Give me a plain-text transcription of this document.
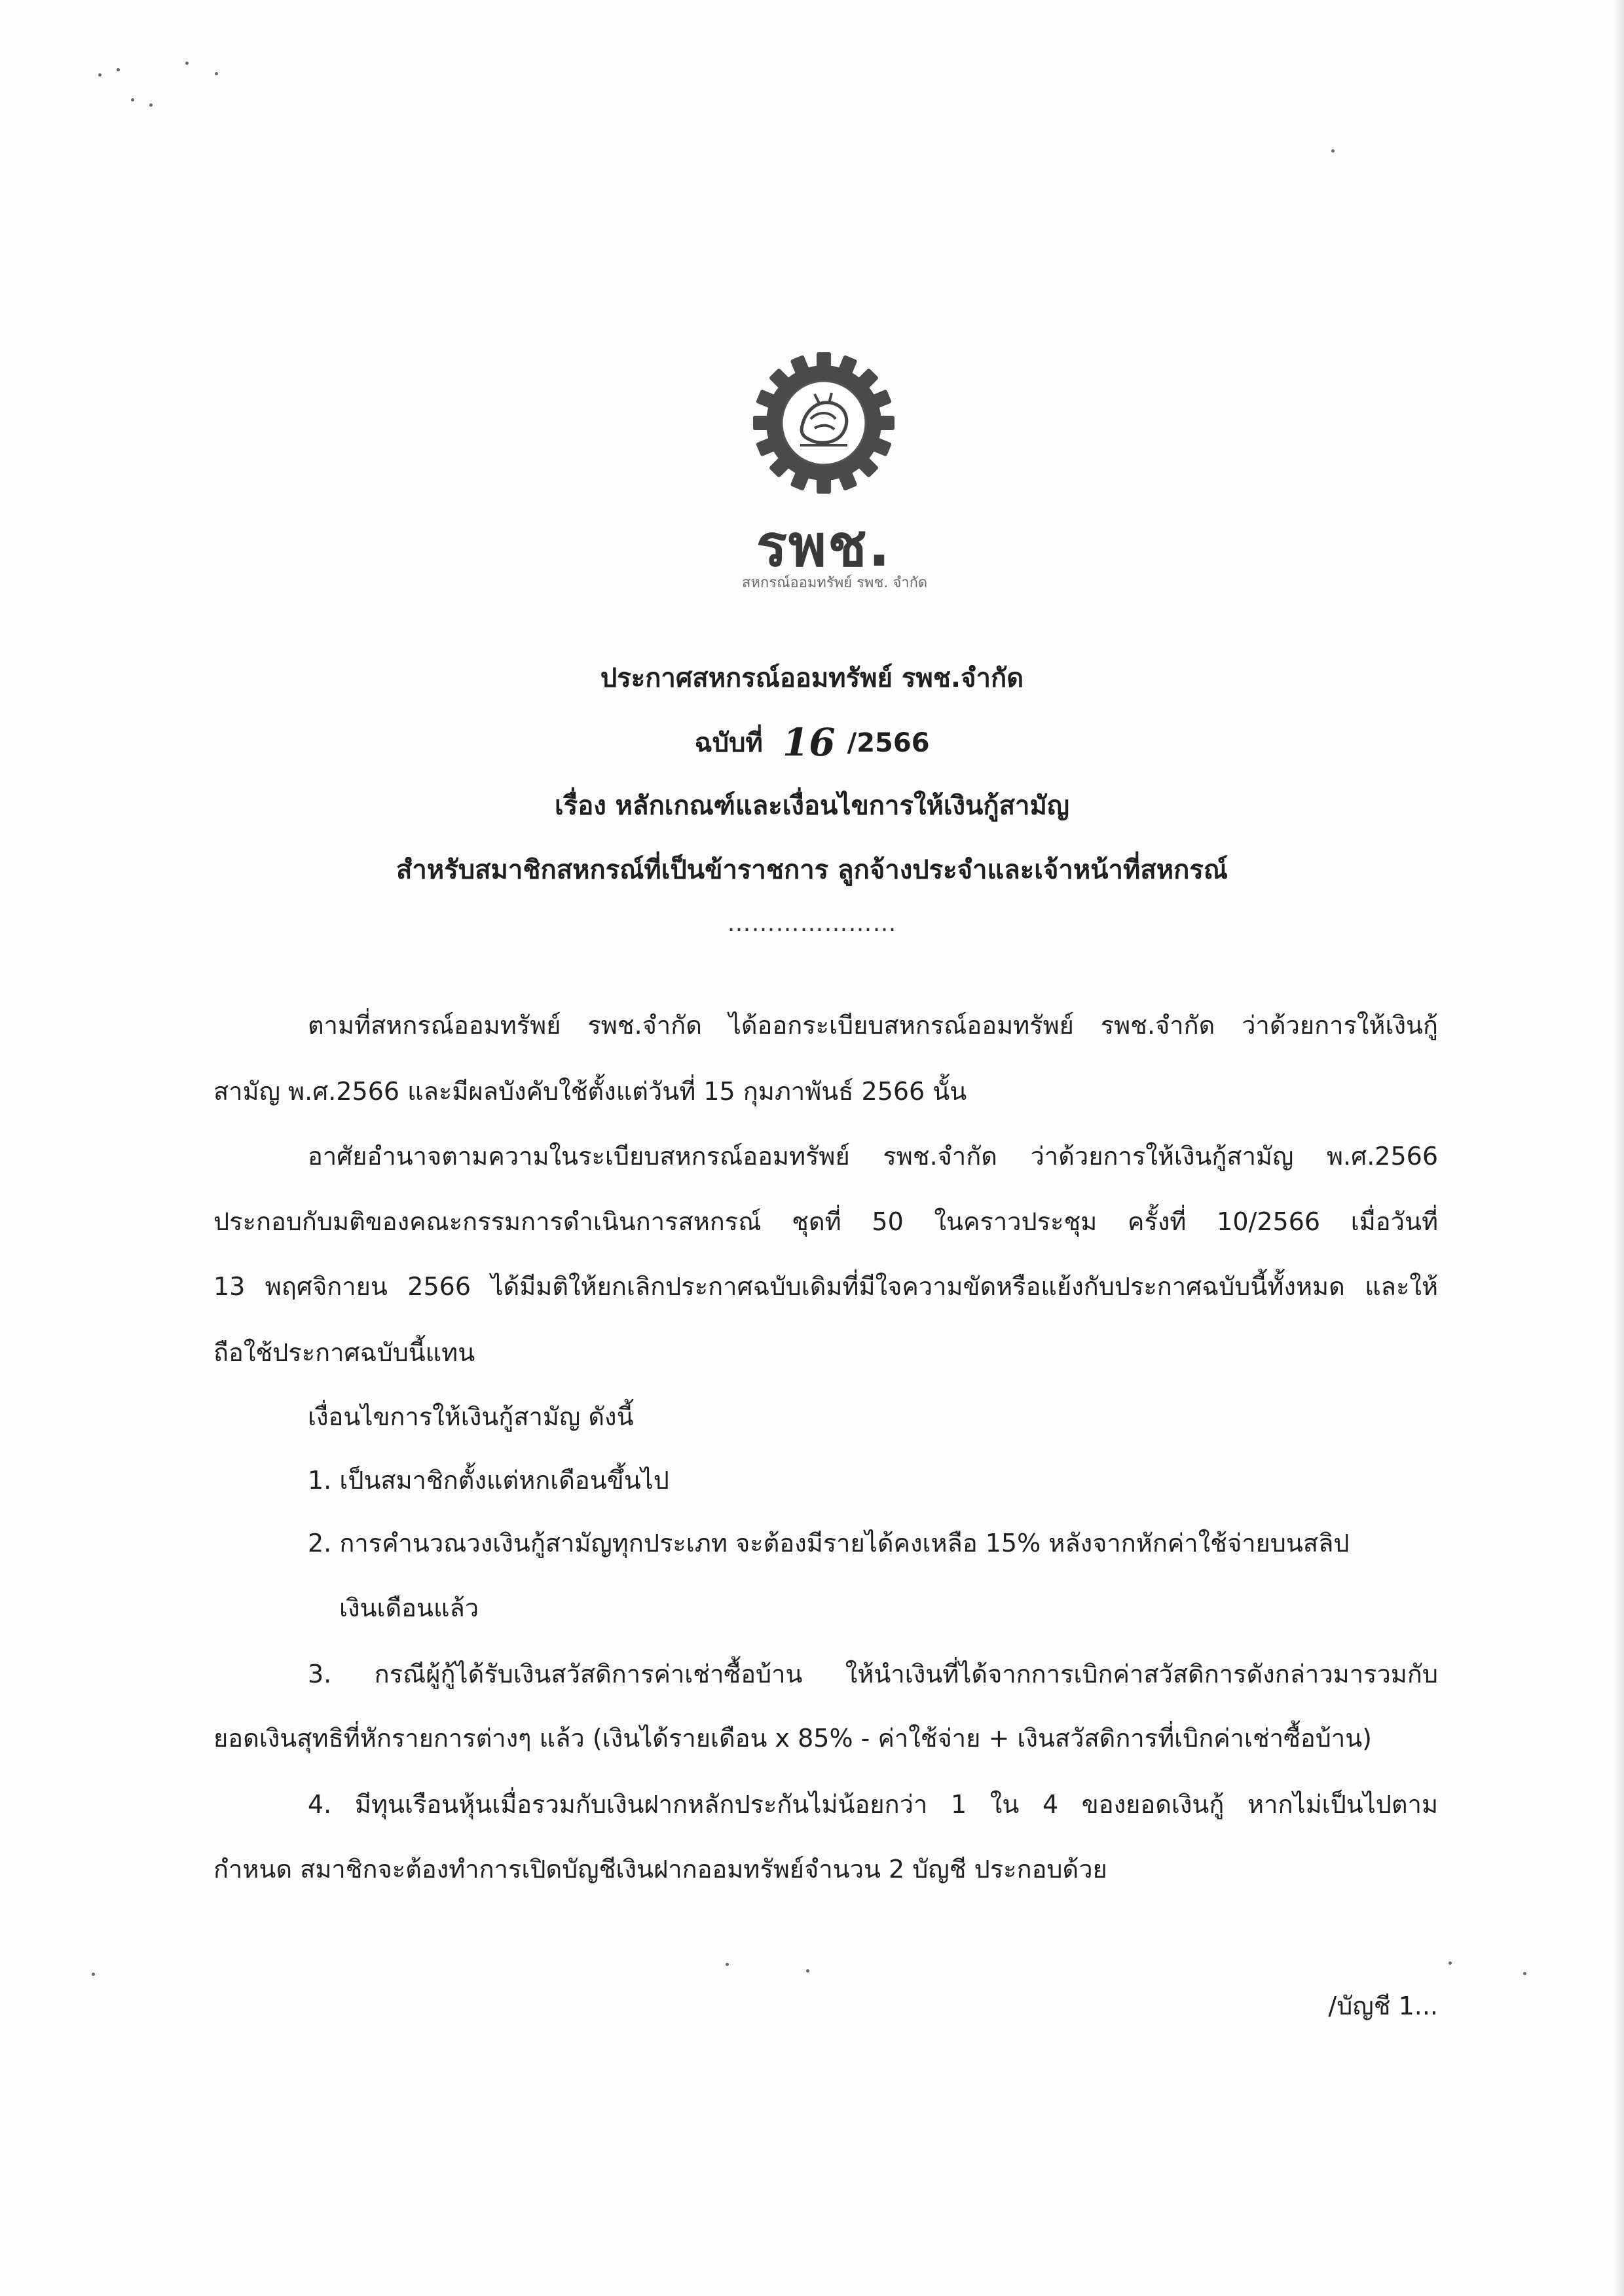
รพช.
สหกรณ์ออมทรัพย์ รพช. จำกัด
ประกาศสหกรณ์ออมทรัพย์ รพช.จำกัด
ฉบับที่ 16 /2566
เรื่อง หลักเกณฑ์และเงื่อนไขการให้เงินกู้สามัญ
สำหรับสมาชิกสหกรณ์ที่เป็นข้าราชการ ลูกจ้างประจำและเจ้าหน้าที่สหกรณ์
…………………
ตามที่สหกรณ์ออมทรัพย์ รพช.จำกัด ได้ออกระเบียบสหกรณ์ออมทรัพย์ รพช.จำกัด ว่าด้วยการให้เงินกู้
สามัญ พ.ศ.2566 และมีผลบังคับใช้ตั้งแต่วันที่ 15 กุมภาพันธ์ 2566 นั้น
อาศัยอำนาจตามความในระเบียบสหกรณ์ออมทรัพย์ รพช.จำกัด ว่าด้วยการให้เงินกู้สามัญ พ.ศ.2566
ประกอบกับมติของคณะกรรมการดำเนินการสหกรณ์ ชุดที่ 50 ในคราวประชุม ครั้งที่ 10/2566 เมื่อวันที่
13 พฤศจิกายน 2566 ได้มีมติให้ยกเลิกประกาศฉบับเดิมที่มีใจความขัดหรือแย้งกับประกาศฉบับนี้ทั้งหมด และให้
ถือใช้ประกาศฉบับนี้แทน
เงื่อนไขการให้เงินกู้สามัญ ดังนี้
1. เป็นสมาชิกตั้งแต่หกเดือนขึ้นไป
2. การคำนวณวงเงินกู้สามัญทุกประเภท จะต้องมีรายได้คงเหลือ 15% หลังจากหักค่าใช้จ่ายบนสลิป
เงินเดือนแล้ว
3. กรณีผู้กู้ได้รับเงินสวัสดิการค่าเช่าซื้อบ้าน ให้นำเงินที่ได้จากการเบิกค่าสวัสดิการดังกล่าวมารวมกับ
ยอดเงินสุทธิที่หักรายการต่างๆ แล้ว (เงินได้รายเดือน x 85% - ค่าใช้จ่าย + เงินสวัสดิการที่เบิกค่าเช่าซื้อบ้าน)
4. มีทุนเรือนหุ้นเมื่อรวมกับเงินฝากหลักประกันไม่น้อยกว่า 1 ใน 4 ของยอดเงินกู้ หากไม่เป็นไปตาม
กำหนด สมาชิกจะต้องทำการเปิดบัญชีเงินฝากออมทรัพย์จำนวน 2 บัญชี ประกอบด้วย
/บัญชี 1...
